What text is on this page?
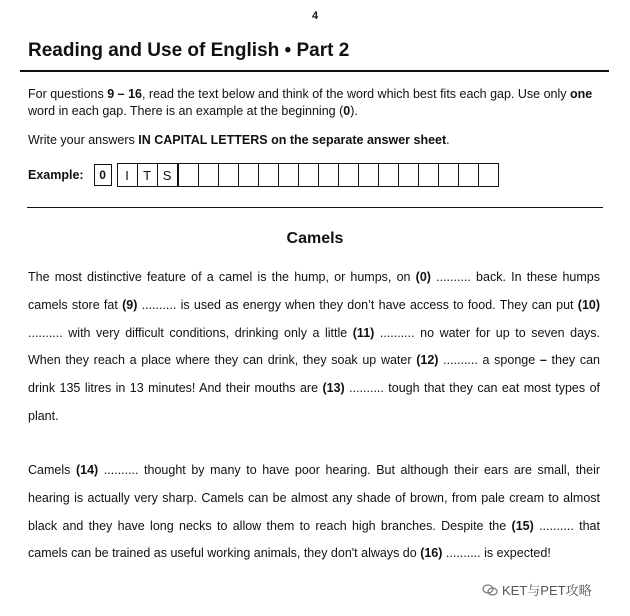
4
Reading and Use of English • Part 2
For questions 9 – 16, read the text below and think of the word which best fits each gap. Use only one word in each gap. There is an example at the beginning (0).
Write your answers IN CAPITAL LETTERS on the separate answer sheet.
Example:	0	I	T S
Camels
The most distinctive feature of a camel is the hump, or humps, on (0) .......... back. In these humps camels store fat (9) .......... is used as energy when they don’t have access to food. They can put (10) .......... with very difficult conditions, drinking only a little (11) .......... no water for up to seven days. When they reach a place where they can drink, they soak up water (12) .......... a sponge – they can drink 135 litres in 13 minutes! And their mouths are (13) .......... tough that they can eat most types of plant.
Camels (14) .......... thought by many to have poor hearing. But although their ears are small, their hearing is actually very sharp. Camels can be almost any shade of brown, from pale cream to almost black and they have long necks to allow them to reach high branches. Despite the (15) .......... that camels can be trained as useful working animals, they don't always do (16) .......... is expected!
KET与PET攻略
